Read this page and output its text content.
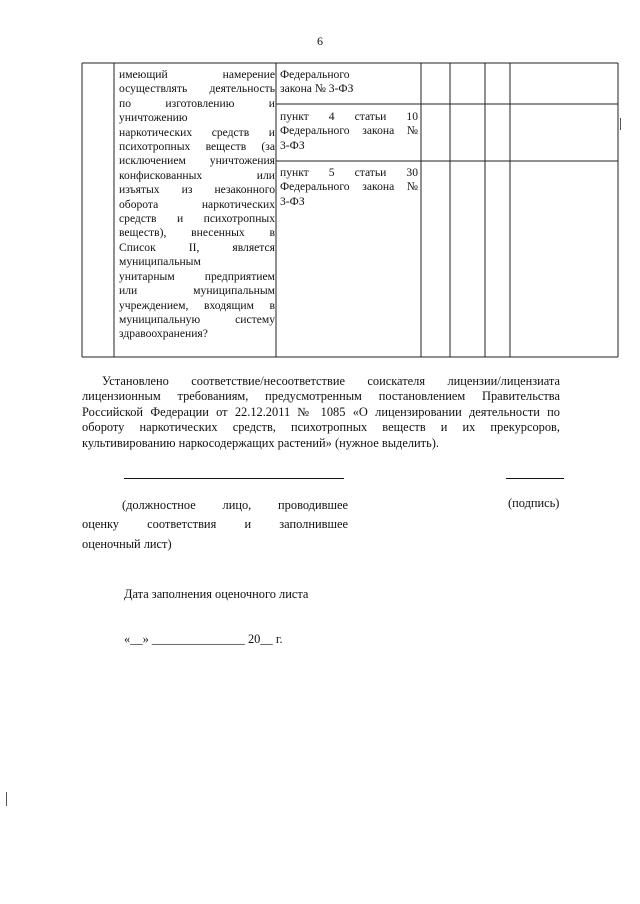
6
имеющий намерение
осуществлять деятельность
по изготовлению и
уничтожению
наркотических средств и
психотропных веществ (за
исключением уничтожения
конфискованных или
изъятых из незаконного
оборота наркотических
средств и психотропных
веществ), внесенных в
Список II, является
муниципальным
унитарным предприятием
или муниципальным
учреждением, входящим в
муниципальную систему
здравоохранения?
Федерального
закона № 3-ФЗ
пункт 4 статьи 10
Федерального закона №
3-ФЗ
пункт 5 статьи 30
Федерального закона №
3-ФЗ
Установлено соответствие/несоответствие соискателя лицензии/лицензиата лицензионным требованиям, предусмотренным постановлением Правительства Российской Федерации от 22.12.2011 № 1085 «О лицензировании деятельности по обороту наркотических средств, психотропных веществ и их прекурсоров, культивированию наркосодержащих растений» (нужное выделить).
(должностное лицо, проводившее
оценку соответствия и заполнившее
оценочный лист)
(подпись)
Дата заполнения оценочного листа
«__» _______________ 20__ г.
